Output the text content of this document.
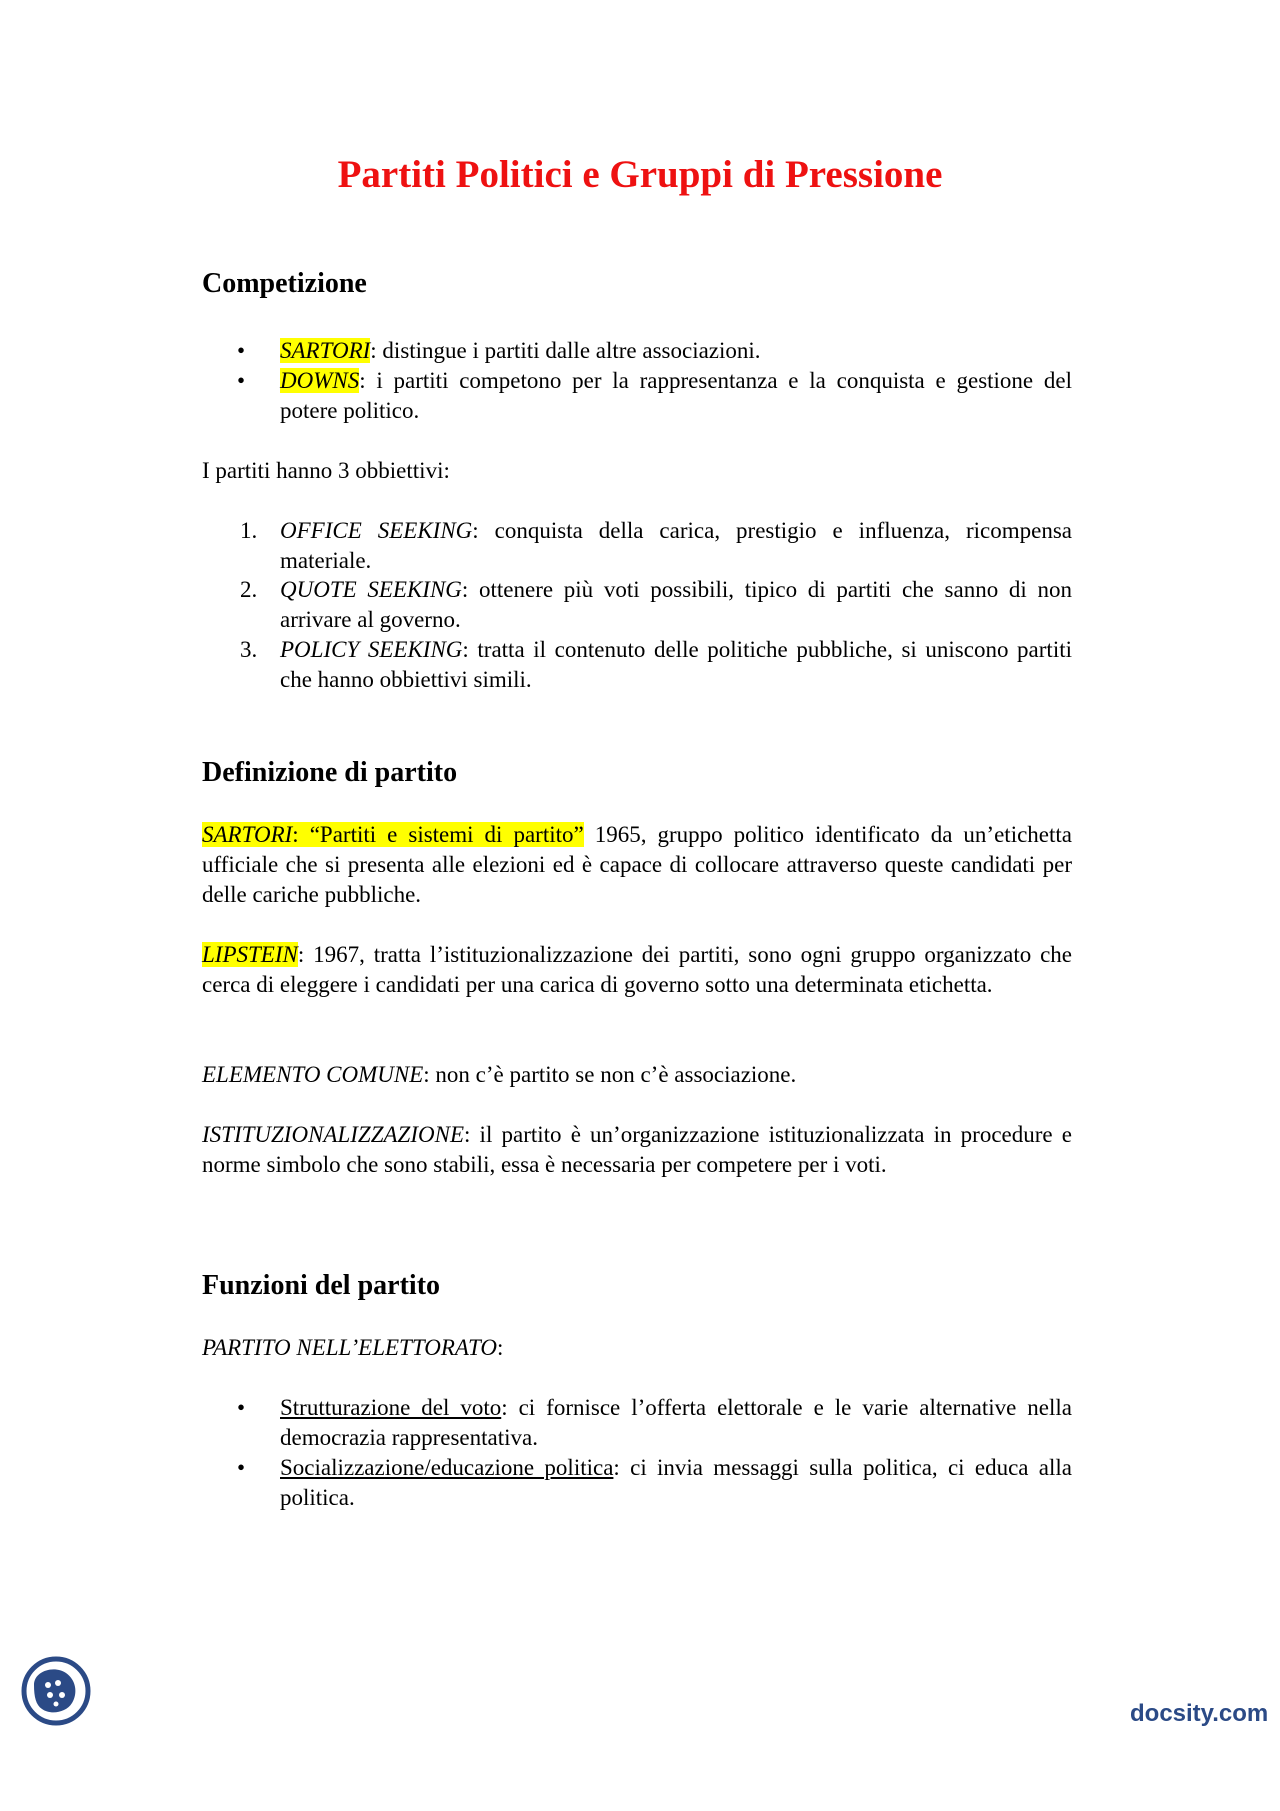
Partiti Politici e Gruppi di Pressione
Competizione
• SARTORI: distingue i partiti dalle altre associazioni.

• DOWNS: i partiti competono per la rappresentanza e la conquista e gestione del potere politico.

I partiti hanno 3 obbiettivi:

1. OFFICE SEEKING: conquista della carica, prestigio e influenza, ricompensa materiale.

2. QUOTE SEEKING: ottenere più voti possibili, tipico di partiti che sanno di non arrivare al governo.

3. POLICY SEEKING: tratta il contenuto delle politiche pubbliche, si uniscono partiti che hanno obbiettivi simili.

Definizione di partito

SARTORI: “Partiti e sistemi di partito” 1965, gruppo politico identificato da un’etichetta ufficiale che si presenta alle elezioni ed è capace di collocare attraverso queste candidati per delle cariche pubbliche.

LIPSTEIN: 1967, tratta l’istituzionalizzazione dei partiti, sono ogni gruppo organizzato che cerca di eleggere i candidati per una carica di governo sotto una determinata etichetta.

ELEMENTO COMUNE: non c’è partito se non c’è associazione.

ISTITUZIONALIZZAZIONE: il partito è un’organizzazione istituzionalizzata in procedure e norme simbolo che sono stabili, essa è necessaria per competere per i voti.

Funzioni del partito

PARTITO NELL’ELETTORATO:

• Strutturazione del voto: ci fornisce l’offerta elettorale e le varie alternative nella democrazia rappresentativa.

• Socializzazione/educazione politica: ci invia messaggi sulla politica, ci educa alla politica.

docsity.com
